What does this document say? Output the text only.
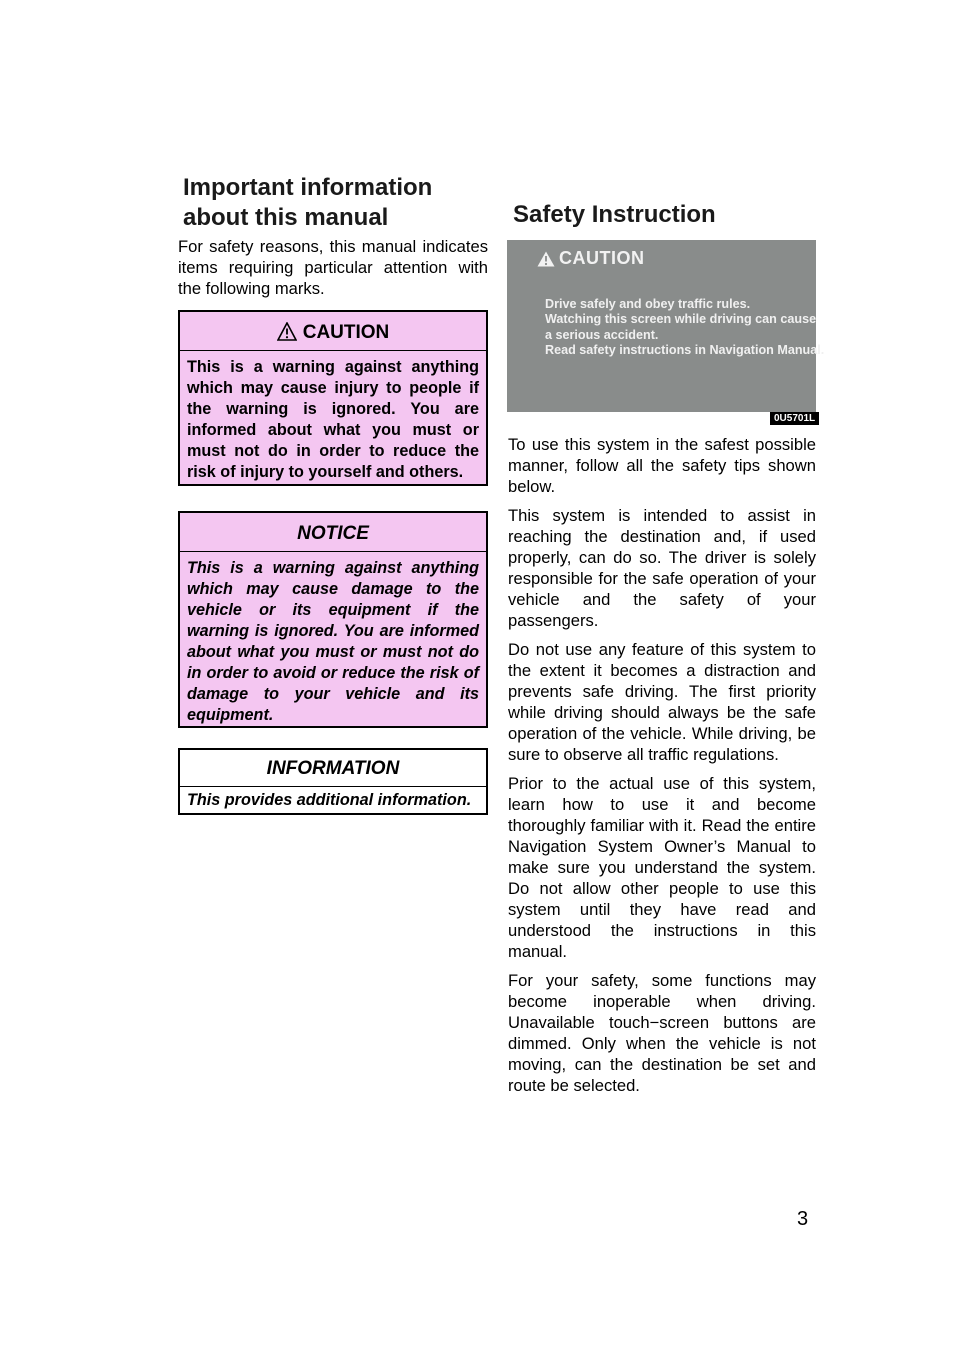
Important information about this manual	Safety Instruction

For safety reasons, this manual indicates items requiring particular attention with the following marks.

CAUTION

This is a warning against anything which may cause injury to people if the warning is ignored. You are informed about what you must or must not do in order to reduce the risk of injury to yourself and others.

NOTICE

This is a warning against anything which may cause damage to the vehicle or its equipment if the warning is ignored. You are informed about what you must or must not do in order to avoid or reduce the risk of damage to your vehicle and its equipment.

INFORMATION

This provides additional information.

CAUTION
Drive safely and obey traffic rules.
Watching this screen while driving can cause
a serious accident.
Read safety instructions in Navigation Manual.
0U5701L

To use this system in the safest possible manner, follow all the safety tips shown below.

This system is intended to assist in reaching the destination and, if used properly, can do so. The driver is solely responsible for the safe operation of your vehicle and the safety of your passengers.

Do not use any feature of this system to the extent it becomes a distraction and prevents safe driving. The first priority while driving should always be the safe operation of the vehicle. While driving, be sure to observe all traffic regulations.

Prior to the actual use of this system, learn how to use it and become thoroughly familiar with it. Read the entire Navigation System Owner’s Manual to make sure you understand the system. Do not allow other people to use this system until they have read and understood the instructions in this manual.

For your safety, some functions may become inoperable when driving. Unavailable touch−screen buttons are dimmed. Only when the vehicle is not moving, can the destination be set and route be selected.

3
